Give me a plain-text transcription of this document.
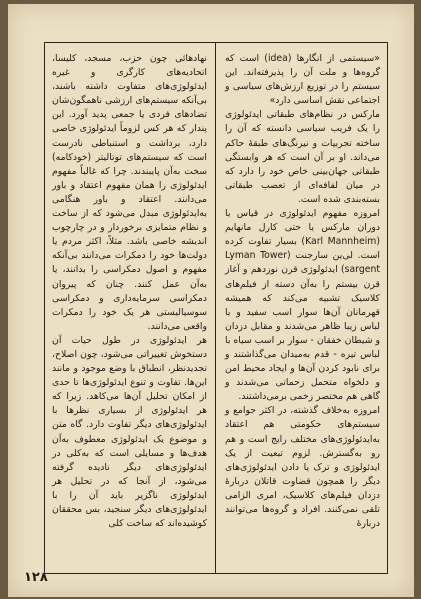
«سیستمی از انگارها (idea) است که گروه‌ها و ملت آن را پذیرفته‌اند. این سیستم را در توزیع ارزش‌های سیاسی و اجتماعی نقش اساسی دارد»

مارکس در نظام‌های طبقاتی ایدئولوژی را یک فریب سیاسی دانسته که آن را ساخته تجربیات و نیرنگ‌های طبقهٔ حاکم می‌داند. او بر آن است که هر وابستگی طبقاتی جهان‌بینی خاص خود را دارد که در میان لفافه‌ای از تعصب طبقاتی بسته‌بندی شده است.

امروزه مفهوم ایدئولوژی در قیاس با دوران مارکس یا حتی کارل مانهایم (Karl Mannheim) بسیار تفاوت کرده است. لی‌ین سارجنت (Lyman Tower sargent) ایدئولوژی قرن نوزدهم و آغاز قرن بیستم را به‌آن دسته از فیلم‌های کلاسیک تشبیه می‌کند که همیشه قهرمانان آن‌ها سوار اسب سفید و با لباس زیبا ظاهر می‌شدند و مقابل دزدان و شیطان خفقان - سوار بر اسب سیاه با لباس تیره - قدم به‌میدان می‌گذاشتند و برای نابود کردن آن‌ها و ایجاد محیط امن و دلخواه متحمل زحماتی می‌شدند و گاهی هم مختصر زخمی برمی‌داشتند.

امروزه به‌خلاف گذشته، در اکثر جوامع و سیستم‌های حکومتی هم اعتقاد به‌ایدئولوژی‌های مختلف رایج است و هم رو به‌گسترش. لزوم تبعیت از یک ایدئولوژی و ترک یا دادن ایدئولوژی‌های دیگر را همچون قضاوت قاتلان دربارهٔ دزدان فیلم‌های کلاسیک، امری الزامی تلقی نمی‌کنند. افراد و گروه‌ها می‌توانند دربارهٔ

نهادهائی چون حزب، مسجد، کلیسا، اتحادیه‌های کارگری و غیره ایدئولوژی‌های متفاوت داشته باشند، بی‌آنکه سیستم‌های ارزشی ناهمگون‌شان تضادهای فردی یا جمعی پدید آورد. این پندار که هر کس لزوماً ایدئولوژی خاصی دارد، برداشت و استنباطی نادرست است که سیستم‌های توتالیتر (خودکامه) سخت به‌آن پایبندند. چرا که غالباً مفهوم ایدئولوژی را همان مفهوم اعتقاد و باور می‌دانند. اعتقاد و باور هنگامی به‌ایدئولوژی مبدل می‌شود که از ساخت و نظام متمایزی برخوردار و در چارچوب اندیشه خاصی باشد. مثلاً، اکثر مردم یا دولت‌ها خود را دمکرات می‌دانند بی‌آنکه مفهوم و اصول دمکراسی را بدانند، یا به‌آن عمل کنند. چنان که پیروان دمکراسی سرمایه‌داری و دمکراسی سوسیالیستی هر یک خود را دمکرات واقعی می‌دانند.

هر ایدئولوژی در طول حیات آن دستخوش تغییراتی می‌شود، چون اصلاح، تجدیدنظر، انطباق با وضع موجود و مانند این‌ها. تفاوت و تنوع ایدئولوژی‌ها تا حدی از امکان تحلیل آن‌ها می‌کاهد. زیرا که هر ایدئولوژی از بسیاری نظرها با ایدئولوژی‌های دیگر تفاوت دارد. گاه متن و موضوع یک ایدئولوژی معطوف به‌آن هدف‌ها و مسایلی است که به‌کلی در ایدئولوژی‌های دیگر نادیده گرفته می‌شود، از آنجا که در تحلیل هر ایدئولوژی ناگزیر باید آن را با ایدئولوژی‌های دیگر سنجید، بس محققان کوشیده‌اند که ساخت کلی

۱۲۸
